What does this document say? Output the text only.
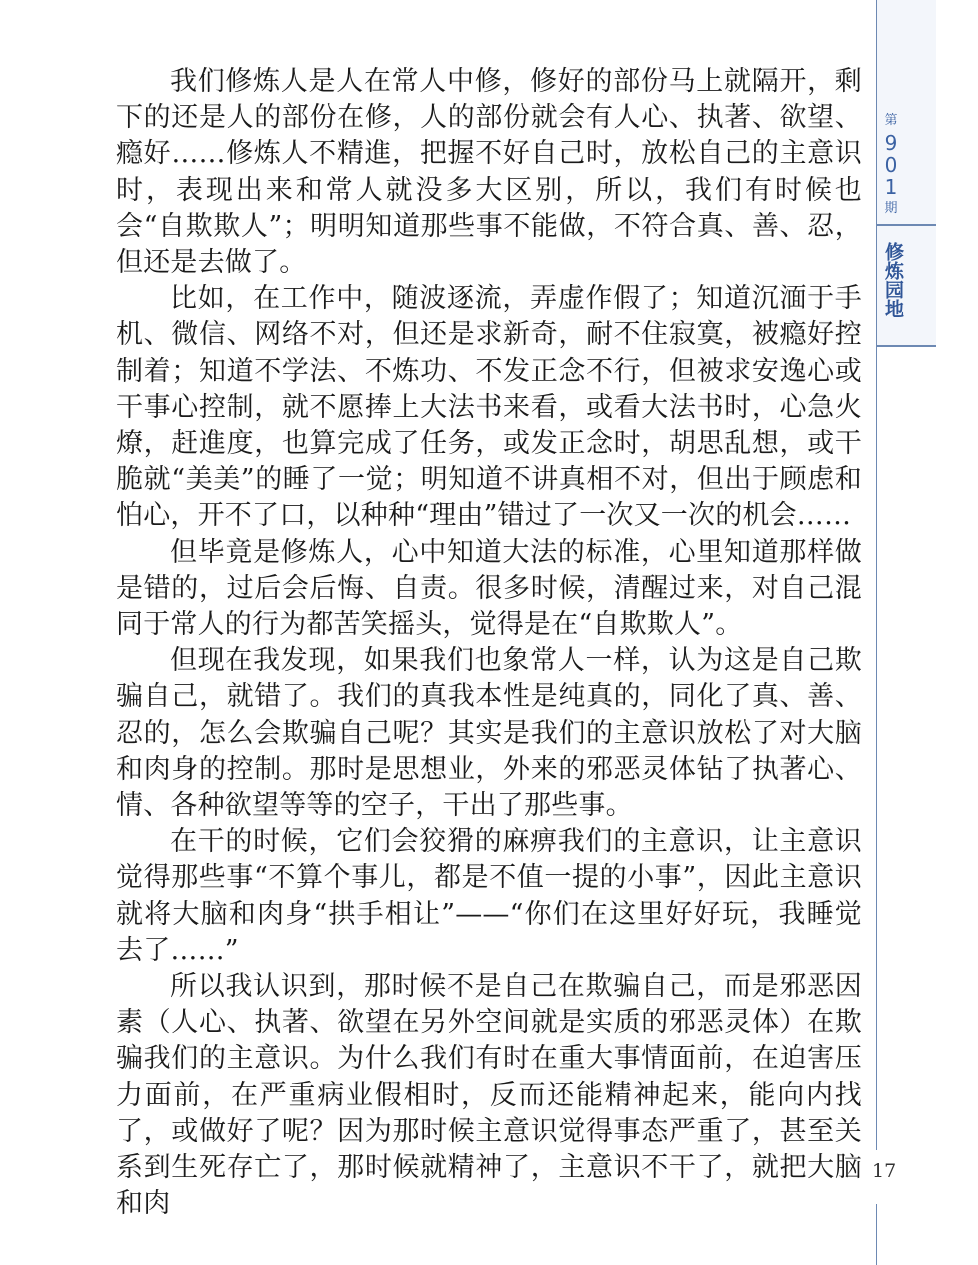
第
9
0
1
期
修炼园地

我们修炼人是人在常人中修，修好的部份马上就隔开，剩下的还是人的部份在修，人的部份就会有人心、执著、欲望、瘾好……修炼人不精進，把握不好自己时，放松自己的主意识时，表现出来和常人就没多大区别，所以，我们有时候也会“自欺欺人”；明明知道那些事不能做，不符合真、善、忍，但还是去做了。

比如，在工作中，随波逐流，弄虚作假了；知道沉湎于手机、微信、网络不对，但还是求新奇，耐不住寂寞，被瘾好控制着；知道不学法、不炼功、不发正念不行，但被求安逸心或干事心控制，就不愿捧上大法书来看，或看大法书时，心急火燎，赶進度，也算完成了任务，或发正念时，胡思乱想，或干脆就“美美”的睡了一觉；明知道不讲真相不对，但出于顾虑和怕心，开不了口，以种种“理由”错过了一次又一次的机会……

但毕竟是修炼人，心中知道大法的标准，心里知道那样做是错的，过后会后悔、自责。很多时候，清醒过来，对自己混同于常人的行为都苦笑摇头，觉得是在“自欺欺人”。

但现在我发现，如果我们也象常人一样，认为这是自己欺骗自己，就错了。我们的真我本性是纯真的，同化了真、善、忍的，怎么会欺骗自己呢？其实是我们的主意识放松了对大脑和肉身的控制。那时是思想业，外来的邪恶灵体钻了执著心、情、各种欲望等等的空子，干出了那些事。

在干的时候，它们会狡猾的麻痹我们的主意识，让主意识觉得那些事“不算个事儿，都是不值一提的小事”，因此主意识就将大脑和肉身“拱手相让”——“你们在这里好好玩，我睡觉去了……”

所以我认识到，那时候不是自己在欺骗自己，而是邪恶因素（人心、执著、欲望在另外空间就是实质的邪恶灵体）在欺骗我们的主意识。为什么我们有时在重大事情面前，在迫害压力面前，在严重病业假相时，反而还能精神起来，能向内找了，或做好了呢？因为那时候主意识觉得事态严重了，甚至关系到生死存亡了，那时候就精神了，主意识不干了，就把大脑和肉

17
